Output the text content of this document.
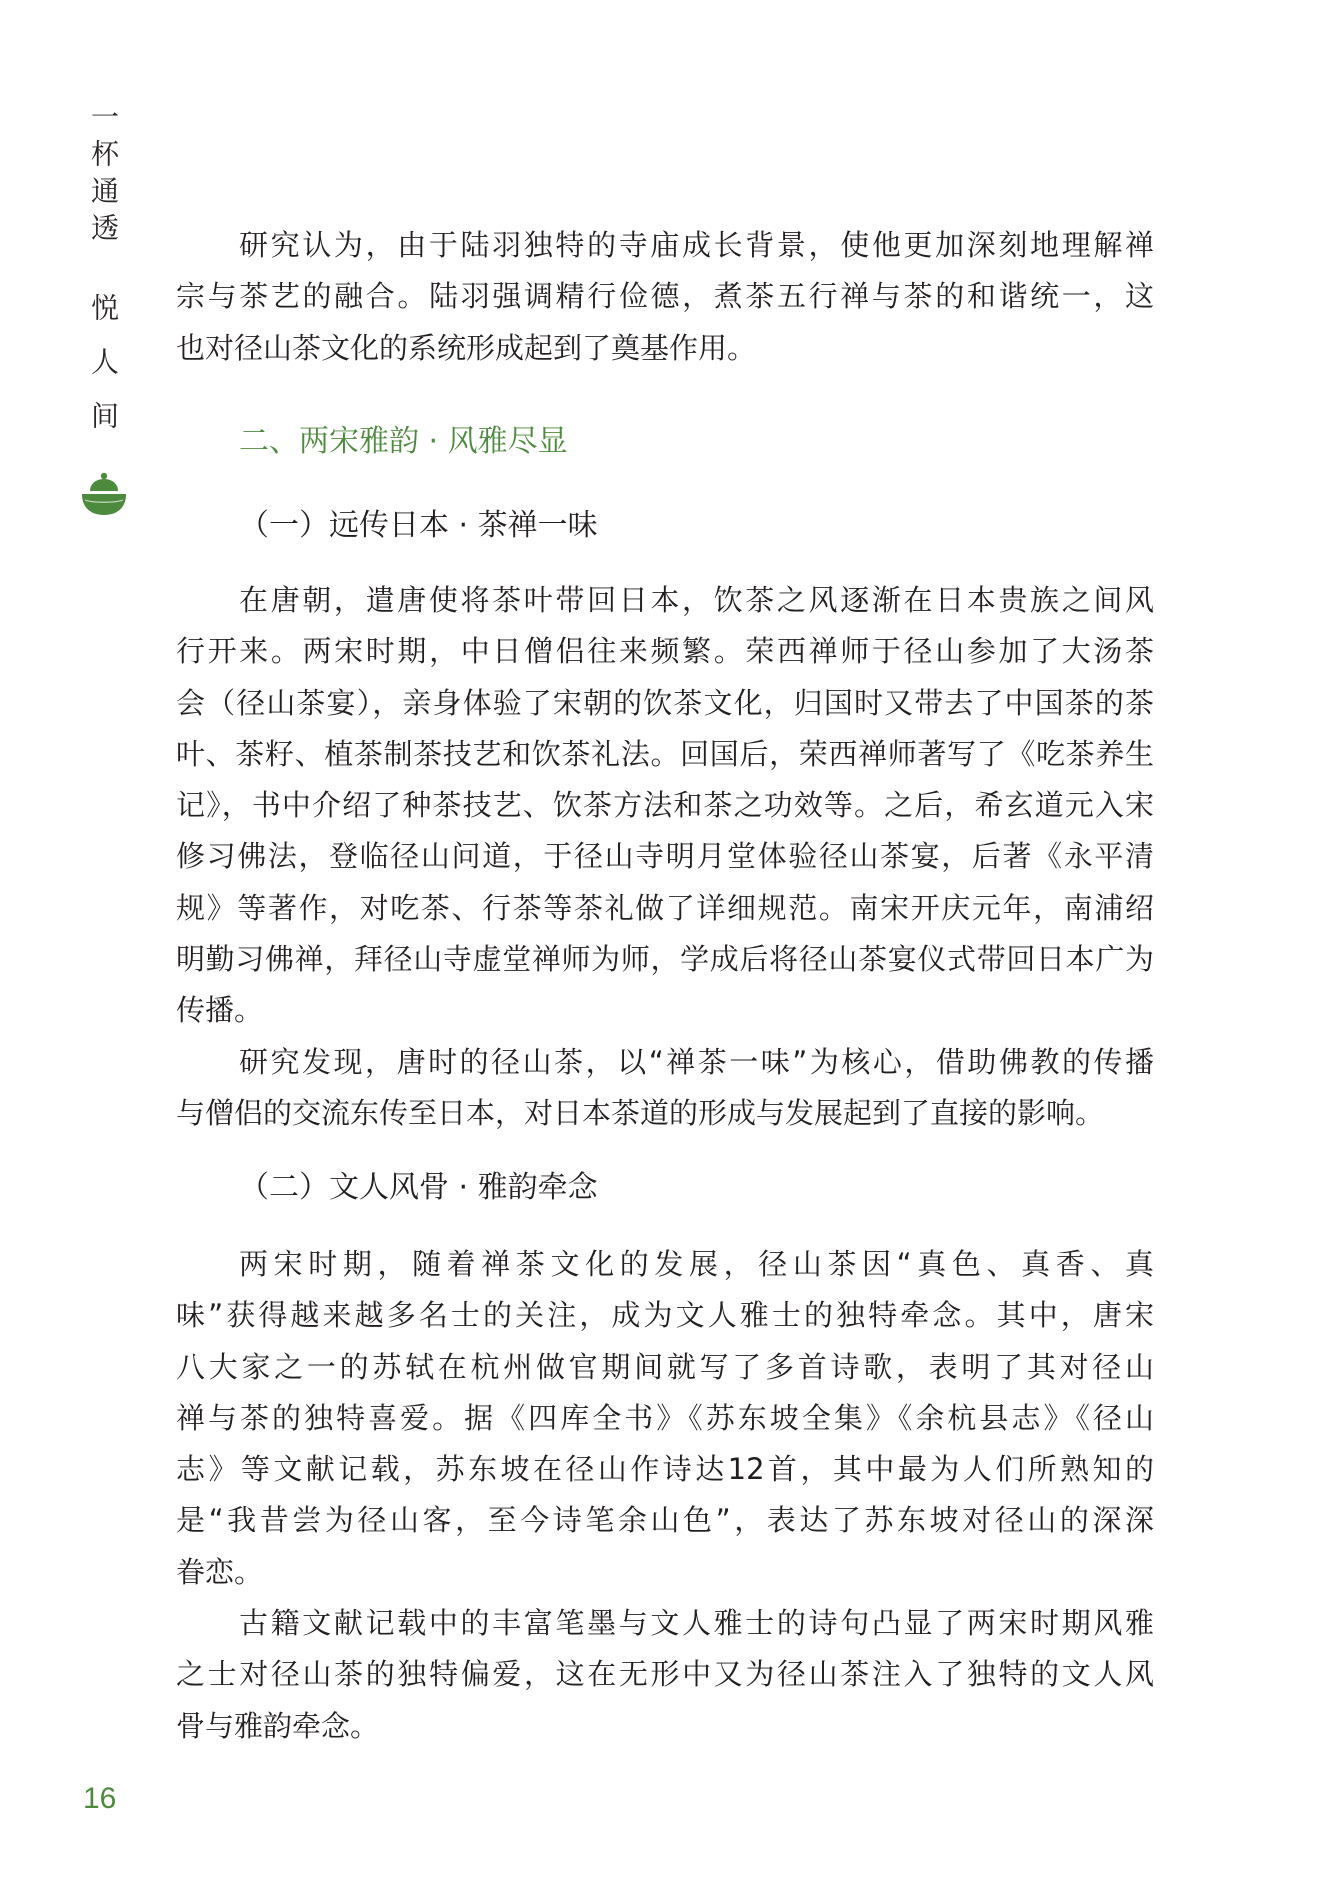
一杯通透
悦人间
研究认为，由于陆羽独特的寺庙成长背景，使他更加深刻地理解禅
宗与茶艺的融合。陆羽强调精行俭德，煮茶五行禅与茶的和谐统一，这
也对径山茶文化的系统形成起到了奠基作用。
二、两宋雅韵 · 风雅尽显
（一）远传日本 · 茶禅一味
在唐朝，遣唐使将茶叶带回日本，饮茶之风逐渐在日本贵族之间风
行开来。两宋时期，中日僧侣往来频繁。荣西禅师于径山参加了大汤茶
会（径山茶宴），亲身体验了宋朝的饮茶文化，归国时又带去了中国茶的茶
叶、茶籽、植茶制茶技艺和饮茶礼法。回国后，荣西禅师著写了《吃茶养生
记》，书中介绍了种茶技艺、饮茶方法和茶之功效等。之后，希玄道元入宋
修习佛法，登临径山问道，于径山寺明月堂体验径山茶宴，后著《永平清
规》等著作，对吃茶、行茶等茶礼做了详细规范。南宋开庆元年，南浦绍
明勤习佛禅，拜径山寺虚堂禅师为师，学成后将径山茶宴仪式带回日本广为
传播。
研究发现，唐时的径山茶，以“禅茶一味”为核心，借助佛教的传播
与僧侣的交流东传至日本，对日本茶道的形成与发展起到了直接的影响。
（二）文人风骨 · 雅韵牵念
两宋时期，随着禅茶文化的发展，径山茶因“真色、真香、真
味”获得越来越多名士的关注，成为文人雅士的独特牵念。其中，唐宋
八大家之一的苏轼在杭州做官期间就写了多首诗歌，表明了其对径山
禅与茶的独特喜爱。据《四库全书》《苏东坡全集》《余杭县志》《径山
志》等文献记载，苏东坡在径山作诗达12首，其中最为人们所熟知的
是“我昔尝为径山客，至今诗笔余山色”，表达了苏东坡对径山的深深
眷恋。
古籍文献记载中的丰富笔墨与文人雅士的诗句凸显了两宋时期风雅
之士对径山茶的独特偏爱，这在无形中又为径山茶注入了独特的文人风
骨与雅韵牵念。
16
